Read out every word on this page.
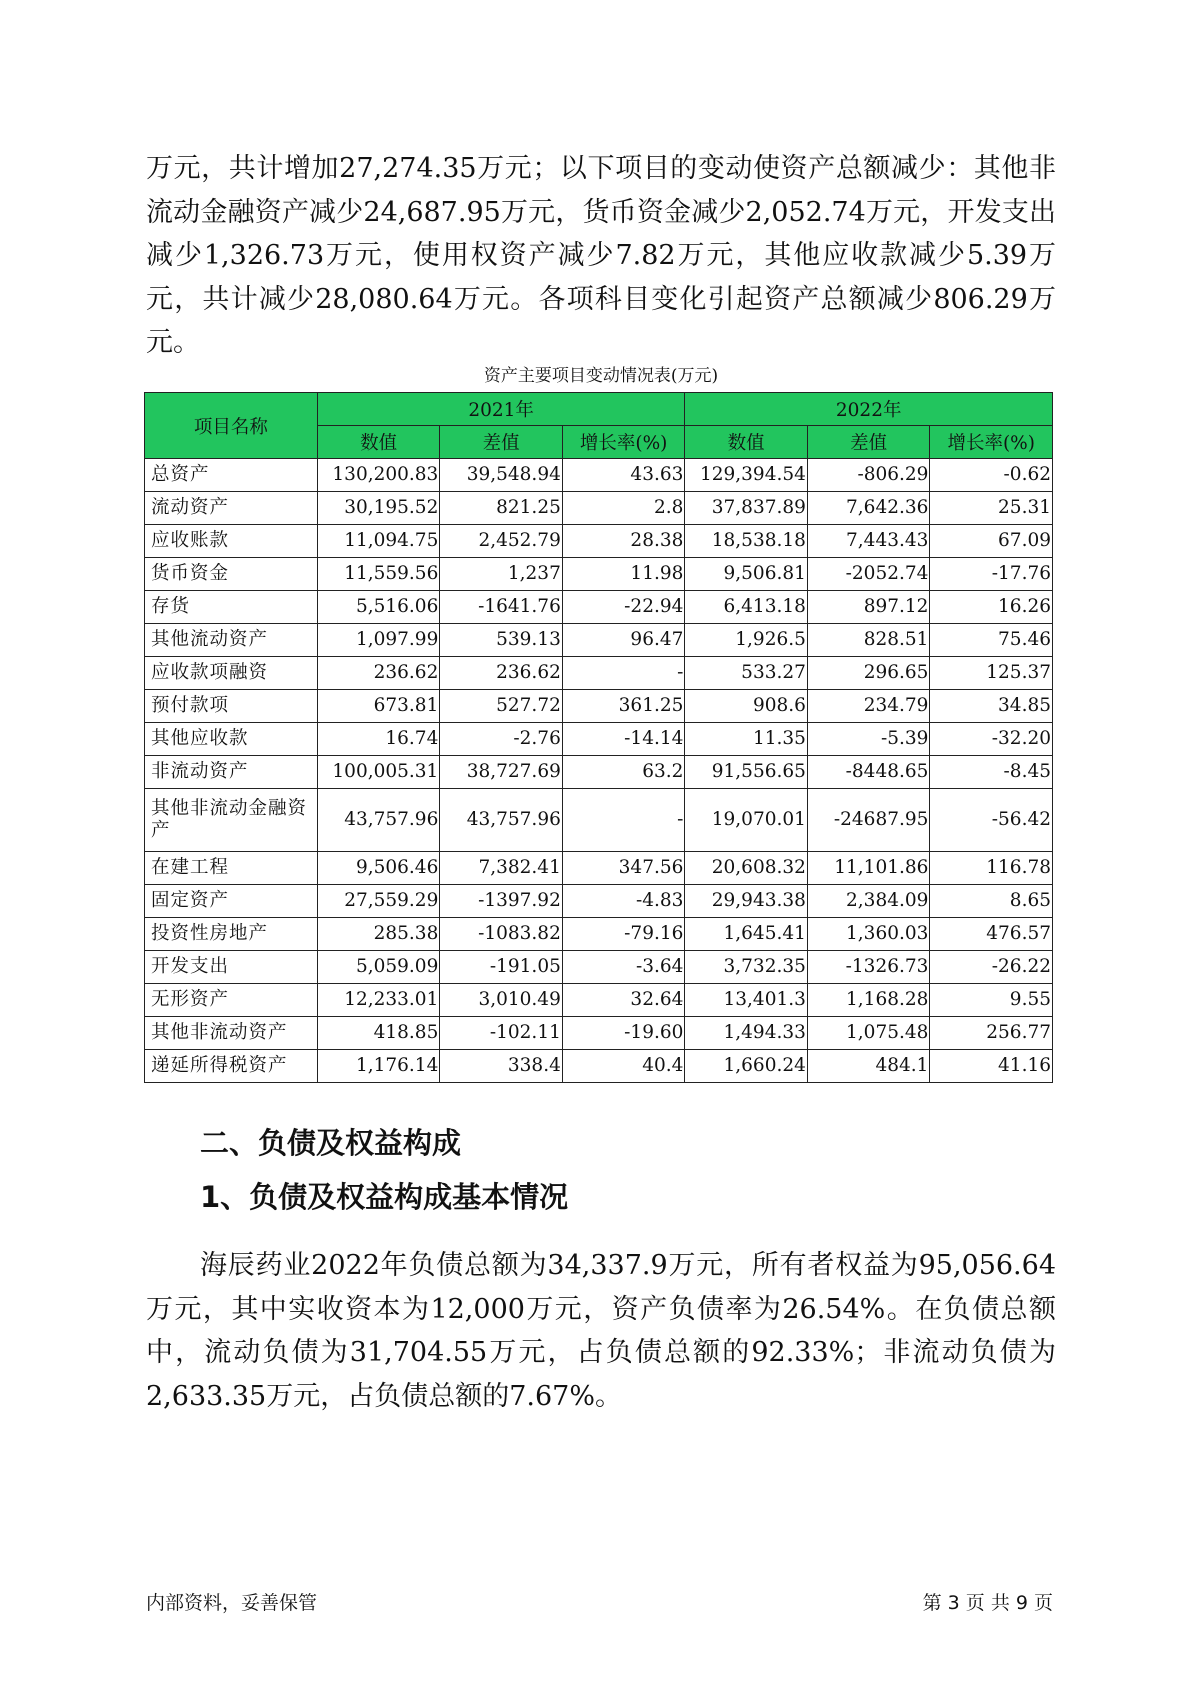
万元，共计增加27,274.35万元；以下项目的变动使资产总额减少：其他非流动金融资产减少24,687.95万元，货币资金减少2,052.74万元，开发支出减少1,326.73万元，使用权资产减少7.82万元，其他应收款减少5.39万元，共计减少28,080.64万元。各项科目变化引起资产总额减少806.29万元。

资产主要项目变动情况表(万元)
项目名称	2021年			2022年		
	数值	差值	增长率(%)	数值	差值	增长率(%)
总资产	130,200.83	39,548.94	43.63	129,394.54	-806.29	-0.62
流动资产	30,195.52	821.25	2.8	37,837.89	7,642.36	25.31
应收账款	11,094.75	2,452.79	28.38	18,538.18	7,443.43	67.09
货币资金	11,559.56	1,237	11.98	9,506.81	-2052.74	-17.76
存货	5,516.06	-1641.76	-22.94	6,413.18	897.12	16.26
其他流动资产	1,097.99	539.13	96.47	1,926.5	828.51	75.46
应收款项融资	236.62	236.62	-	533.27	296.65	125.37
预付款项	673.81	527.72	361.25	908.6	234.79	34.85
其他应收款	16.74	-2.76	-14.14	11.35	-5.39	-32.20
非流动资产	100,005.31	38,727.69	63.2	91,556.65	-8448.65	-8.45
其他非流动金融资产	43,757.96	43,757.96	-	19,070.01	-24687.95	-56.42
在建工程	9,506.46	7,382.41	347.56	20,608.32	11,101.86	116.78
固定资产	27,559.29	-1397.92	-4.83	29,943.38	2,384.09	8.65
投资性房地产	285.38	-1083.82	-79.16	1,645.41	1,360.03	476.57
开发支出	5,059.09	-191.05	-3.64	3,732.35	-1326.73	-26.22
无形资产	12,233.01	3,010.49	32.64	13,401.3	1,168.28	9.55
其他非流动资产	418.85	-102.11	-19.60	1,494.33	1,075.48	256.77
递延所得税资产	1,176.14	338.4	40.4	1,660.24	484.1	41.16
二、负债及权益构成
1、负债及权益构成基本情况

海辰药业2022年负债总额为34,337.9万元，所有者权益为95,056.64万元，其中实收资本为12,000万元，资产负债率为26.54%。在负债总额中，流动负债为31,704.55万元，占负债总额的92.33%；非流动负债为2,633.35万元，占负债总额的7.67%。

内部资料，妥善保管	第 3 页 共 9 页
